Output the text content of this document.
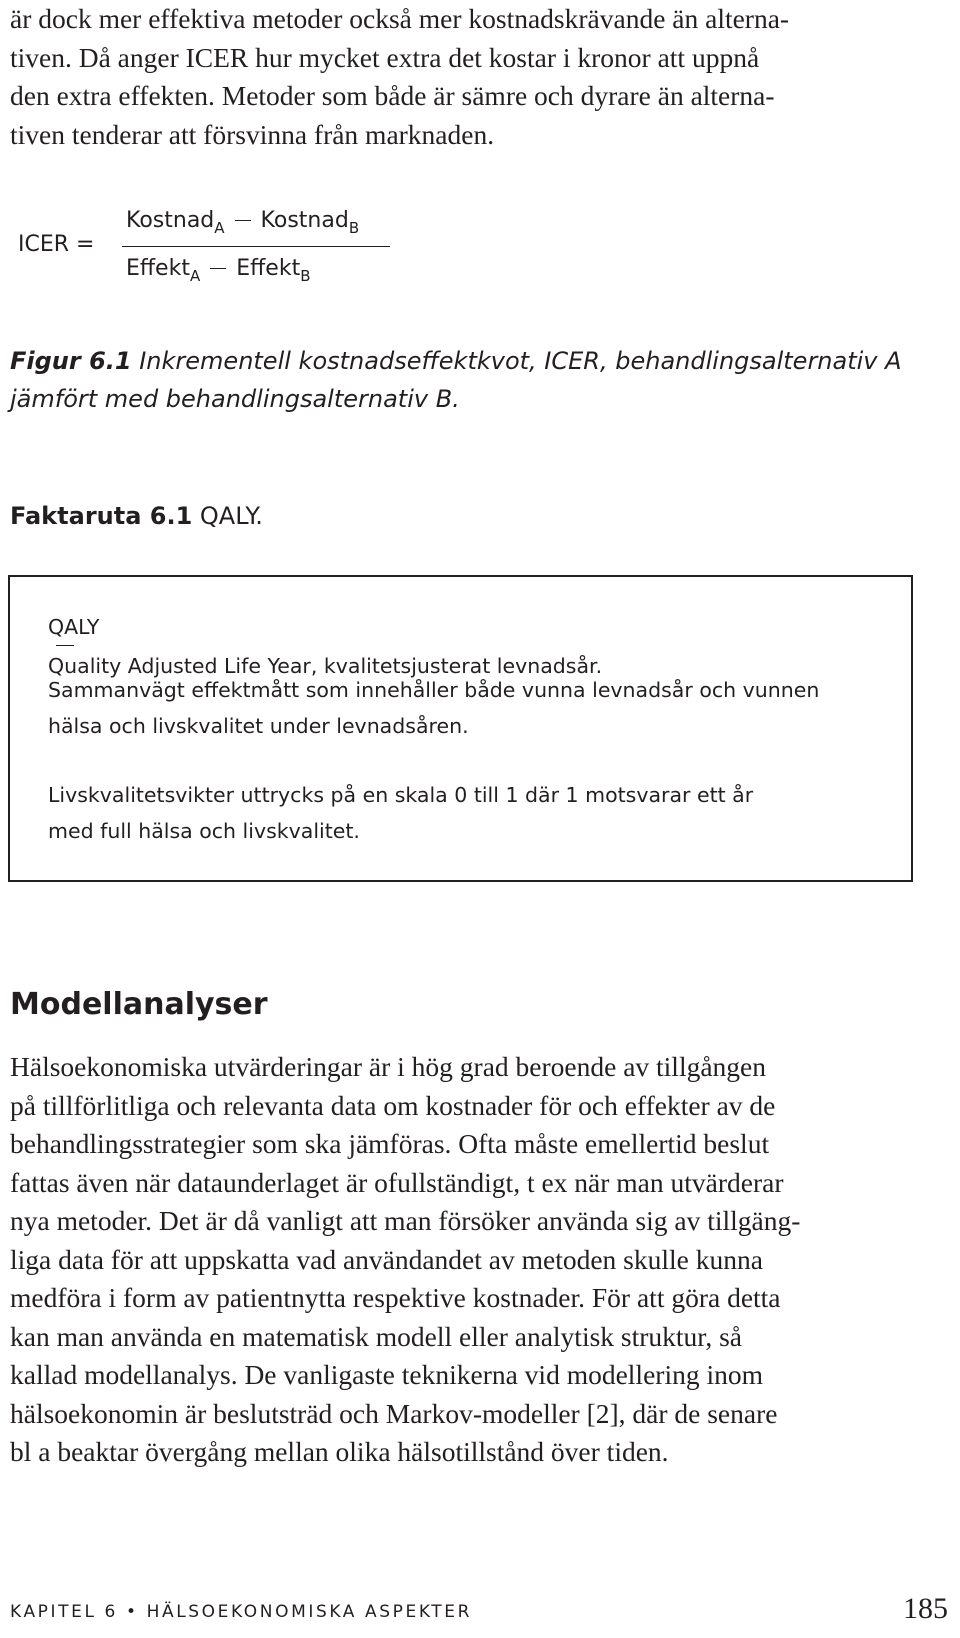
är dock mer effektiva metoder också mer kostnadskrävande än alterna-
tiven. Då anger ICER hur mycket extra det kostar i kronor att uppnå
den extra effekten. Metoder som både är sämre och dyrare än alterna-
tiven tenderar att försvinna från marknaden.

ICER =
Kostnad$_A$ Kostnad$_B$
Effekt$_A$ Effekt$_B$

Figur 6.1 Inkrementell kostnadseffektkvot, ICER, behandlingsalternativ A
jämfört med behandlingsalternativ B.

Faktaruta 6.1 QALY.

QALY
Quality Adjusted Life Year, kvalitetsjusterat levnadsår.

Sammanvägt effektmått som innehåller både vunna levnadsår och vunnen
hälsa och livskvalitet under levnadsåren.

Livskvalitetsvikter uttrycks på en skala 0 till 1 där 1 motsvarar ett år
med full hälsa och livskvalitet.

Modellanalyser

Hälsoekonomiska utvärderingar är i hög grad beroende av tillgången
på tillförlitliga och relevanta data om kostnader för och effekter av de
behandlingsstrategier som ska jämföras. Ofta måste emellertid beslut
fattas även när dataunderlaget är ofullständigt, t ex när man utvärderar
nya metoder. Det är då vanligt att man försöker använda sig av tillgäng-
liga data för att uppskatta vad användandet av metoden skulle kunna
medföra i form av patientnytta respektive kostnader. För att göra detta
kan man använda en matematisk modell eller analytisk struktur, så
kallad modellanalys. De vanligaste teknikerna vid modellering inom
hälsoekonomin är beslutsträd och Markov-modeller [2], där de senare
bl a beaktar övergång mellan olika hälsotillstånd över tiden.

KAPITEL 6 • HÄLSOEKONOMISKA ASPEKTER	185
